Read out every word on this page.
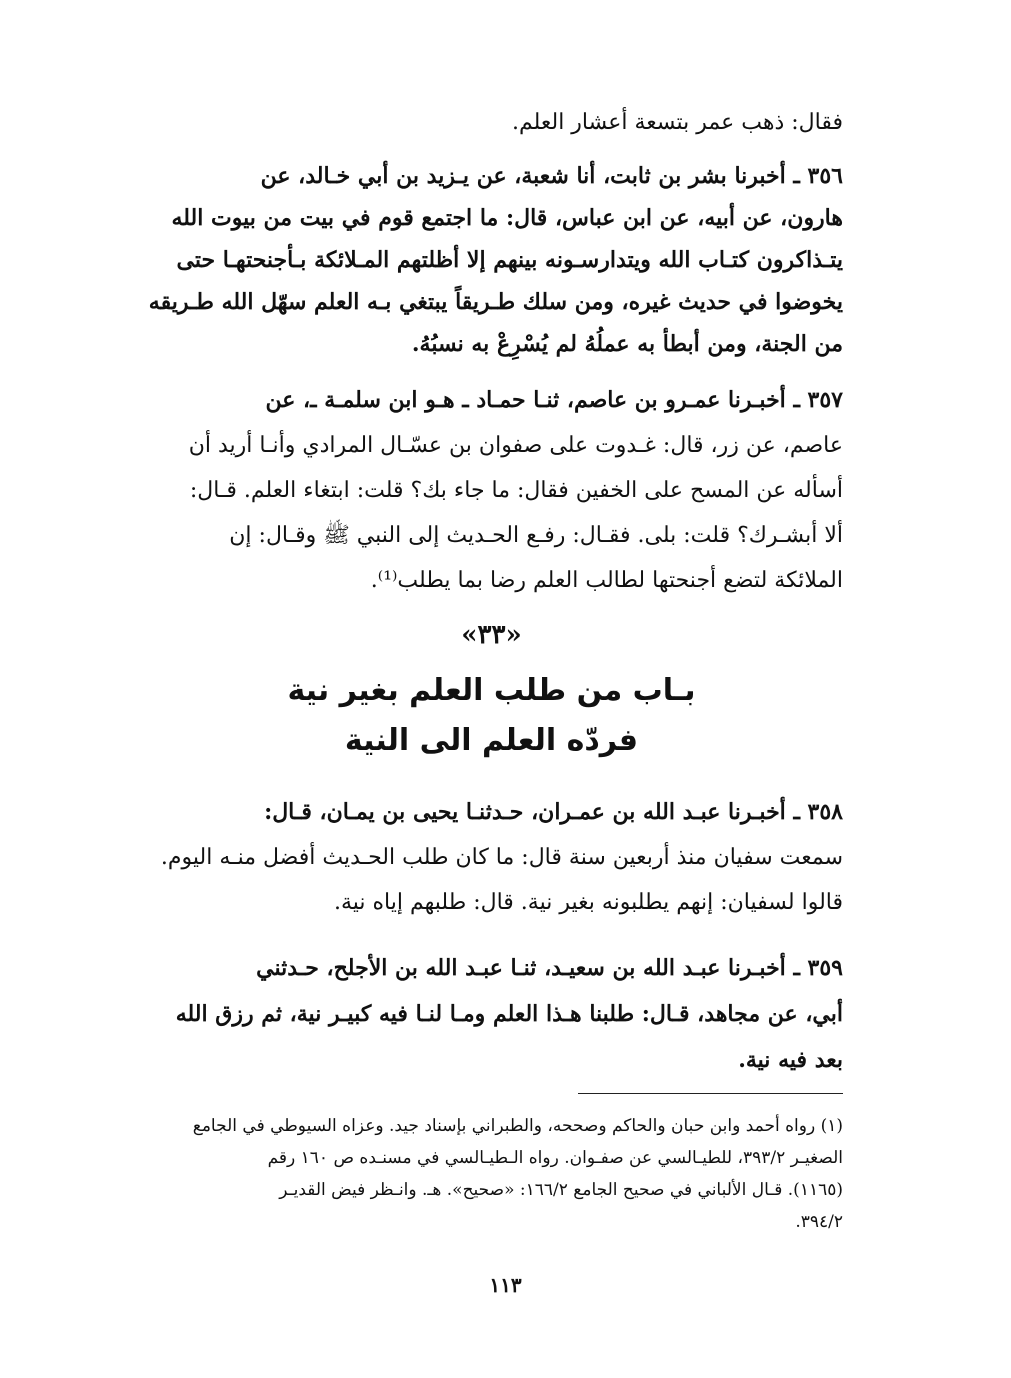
فقال: ذهب عمر بتسعة أعشار العلم.
٣٥٦ ـ أخبرنا بشر بن ثابت، أنا شعبة، عن يـزيد بن أبي خـالد، عن
هارون، عن أبيه، عن ابن عباس، قال: ما اجتمع قوم في بيت من بيوت الله
يتـذاكرون كتـاب الله ويتدارسـونه بينهم إلا أظلتهم المـلائكة بـأجنحتهـا حتى
يخوضوا في حديث غيره، ومن سلك طـريقاً يبتغي بـه العلم سهّل الله طـريقه
من الجنة، ومن أبطأ به عملُهُ لم يُسْرِعْ به نسبُهُ.
٣٥٧ ـ أخبـرنا عمـرو بن عاصم، ثنـا حمـاد ـ هـو ابن سلمـة ـ، عن
عاصم، عن زر، قال: غـدوت على صفوان بن عسّـال المرادي وأنـا أريد أن
أسأله عن المسح على الخفين فقال: ما جاء بك؟ قلت: ابتغاء العلم. قـال:
ألا أبشـرك؟ قلت: بلى. فقـال: رفـع الحـديث إلى النبي ﷺ وقـال: إن
الملائكة لتضع أجنحتها لطالب العلم رضا بما يطلب⁽¹⁾.
«٣٣»
بـاب من طلب العلم بغير نية
فردّه العلم الى النية
٣٥٨ ـ أخبـرنا عبـد الله بن عمـران، حـدثنـا يحيى بن يمـان، قـال:
سمعت سفيان منذ أربعين سنة قال: ما كان طلب الحـديث أفضل منـه اليوم.
قالوا لسفيان: إنهم يطلبونه بغير نية. قال: طلبهم إياه نية.
٣٥٩ ـ أخبـرنا عبـد الله بن سعيـد، ثنـا عبـد الله بن الأجلح، حـدثني
أبي، عن مجاهد، قـال: طلبنا هـذا العلم ومـا لنـا فيه كبيـر نية، ثم رزق الله
بعد فيه نية.
(١) رواه أحمد وابن حبان والحاكم وصححه، والطبراني بإسناد جيد. وعزاه السيوطي في الجامع
الصغيـر ٣٩٣/٢، للطيـالسي عن صفـوان. رواه الـطيـالسي في مسنـده ص ١٦٠ رقم
(١١٦٥). قـال الألباني في صحيح الجامع ١٦٦/٢: «صحيح». هـ. وانـظر فيض القديـر
٣٩٤/٢.
١١٣
